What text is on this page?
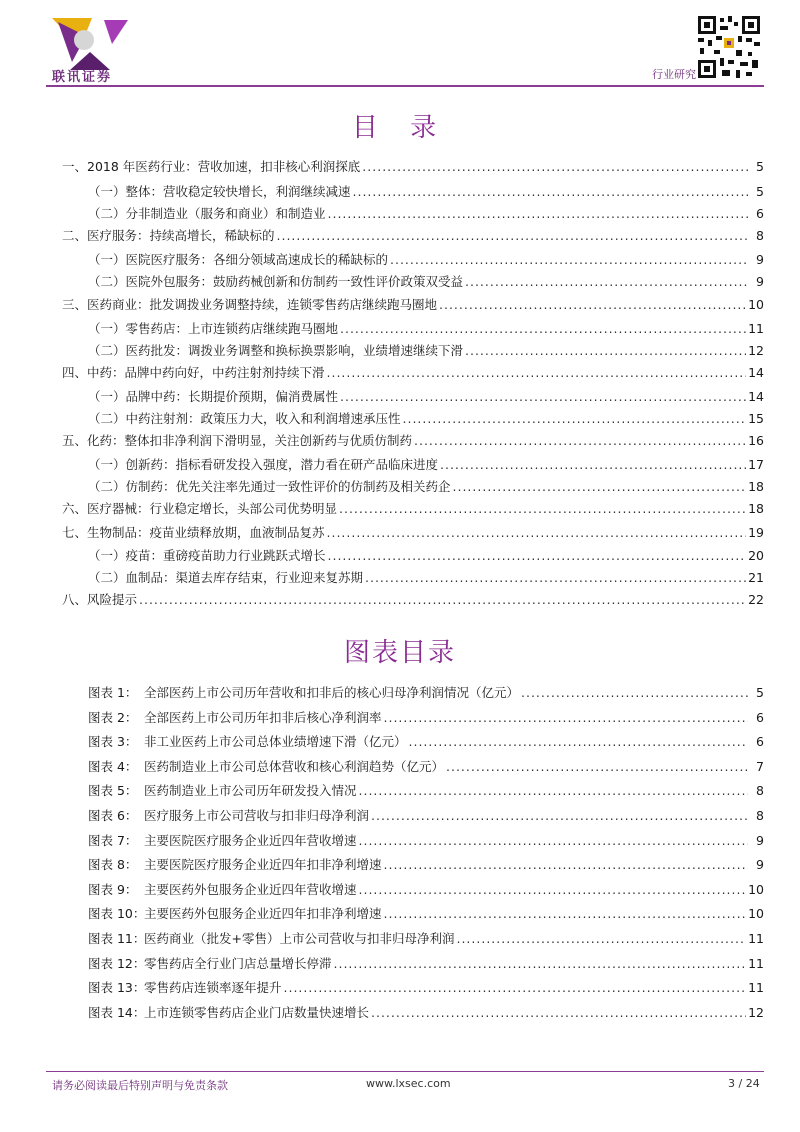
联讯证券	行业研究
目 录
一、2018 年医药行业：营收加速，扣非核心利润探底 .....	5
（一）整体：营收稳定较快增长，利润继续减速 .....	5
（二）分非制造业（服务和商业）和制造业 .....	6
二、医疗服务：持续高增长，稀缺标的 .....	8
（一）医院医疗服务：各细分领域高速成长的稀缺标的 .....	9
（二）医院外包服务：鼓励药械创新和仿制药一致性评价政策双受益 .....	9
三、医药商业：批发调拨业务调整持续，连锁零售药店继续跑马圈地 .....	10
（一）零售药店：上市连锁药店继续跑马圈地 .....	11
（二）医药批发：调拨业务调整和换标换票影响，业绩增速继续下滑 .....	12
四、中药：品牌中药向好，中药注射剂持续下滑 .....	14
（一）品牌中药：长期提价预期，偏消费属性 .....	14
（二）中药注射剂：政策压力大，收入和利润增速承压性 .....	15
五、化药：整体扣非净利润下滑明显，关注创新药与优质仿制药 .....	16
（一）创新药：指标看研发投入强度，潜力看在研产品临床进度 .....	17
（二）仿制药：优先关注率先通过一致性评价的仿制药及相关药企 .....	18
六、医疗器械：行业稳定增长，头部公司优势明显 .....	18
七、生物制品：疫苗业绩释放期，血液制品复苏 .....	19
（一）疫苗：重磅疫苗助力行业跳跃式增长 .....	20
（二）血制品：渠道去库存结束，行业迎来复苏期 .....	21
八、风险提示 .....	22
图表目录
图表 1： 全部医药上市公司历年营收和扣非后的核心归母净利润情况（亿元） .....	5
图表 2： 全部医药上市公司历年扣非后核心净利润率 .....	6
图表 3： 非工业医药上市公司总体业绩增速下滑（亿元） .....	6
图表 4： 医药制造业上市公司总体营收和核心利润趋势（亿元） .....	7
图表 5： 医药制造业上市公司历年研发投入情况 .....	8
图表 6： 医疗服务上市公司营收与扣非归母净利润 .....	8
图表 7： 主要医院医疗服务企业近四年营收增速 .....	9
图表 8： 主要医院医疗服务企业近四年扣非净利增速 .....	9
图表 9： 主要医药外包服务企业近四年营收增速 .....	10
图表 10：主要医药外包服务企业近四年扣非净利增速 .....	10
图表 11：医药商业（批发+零售）上市公司营收与扣非归母净利润 .....	11
图表 12：零售药店全行业门店总量增长停滞 .....	11
图表 13：零售药店连锁率逐年提升 .....	11
图表 14：上市连锁零售药店企业门店数量快速增长 .....	12
请务必阅读最后特别声明与免责条款	www.lxsec.com	3 / 24
